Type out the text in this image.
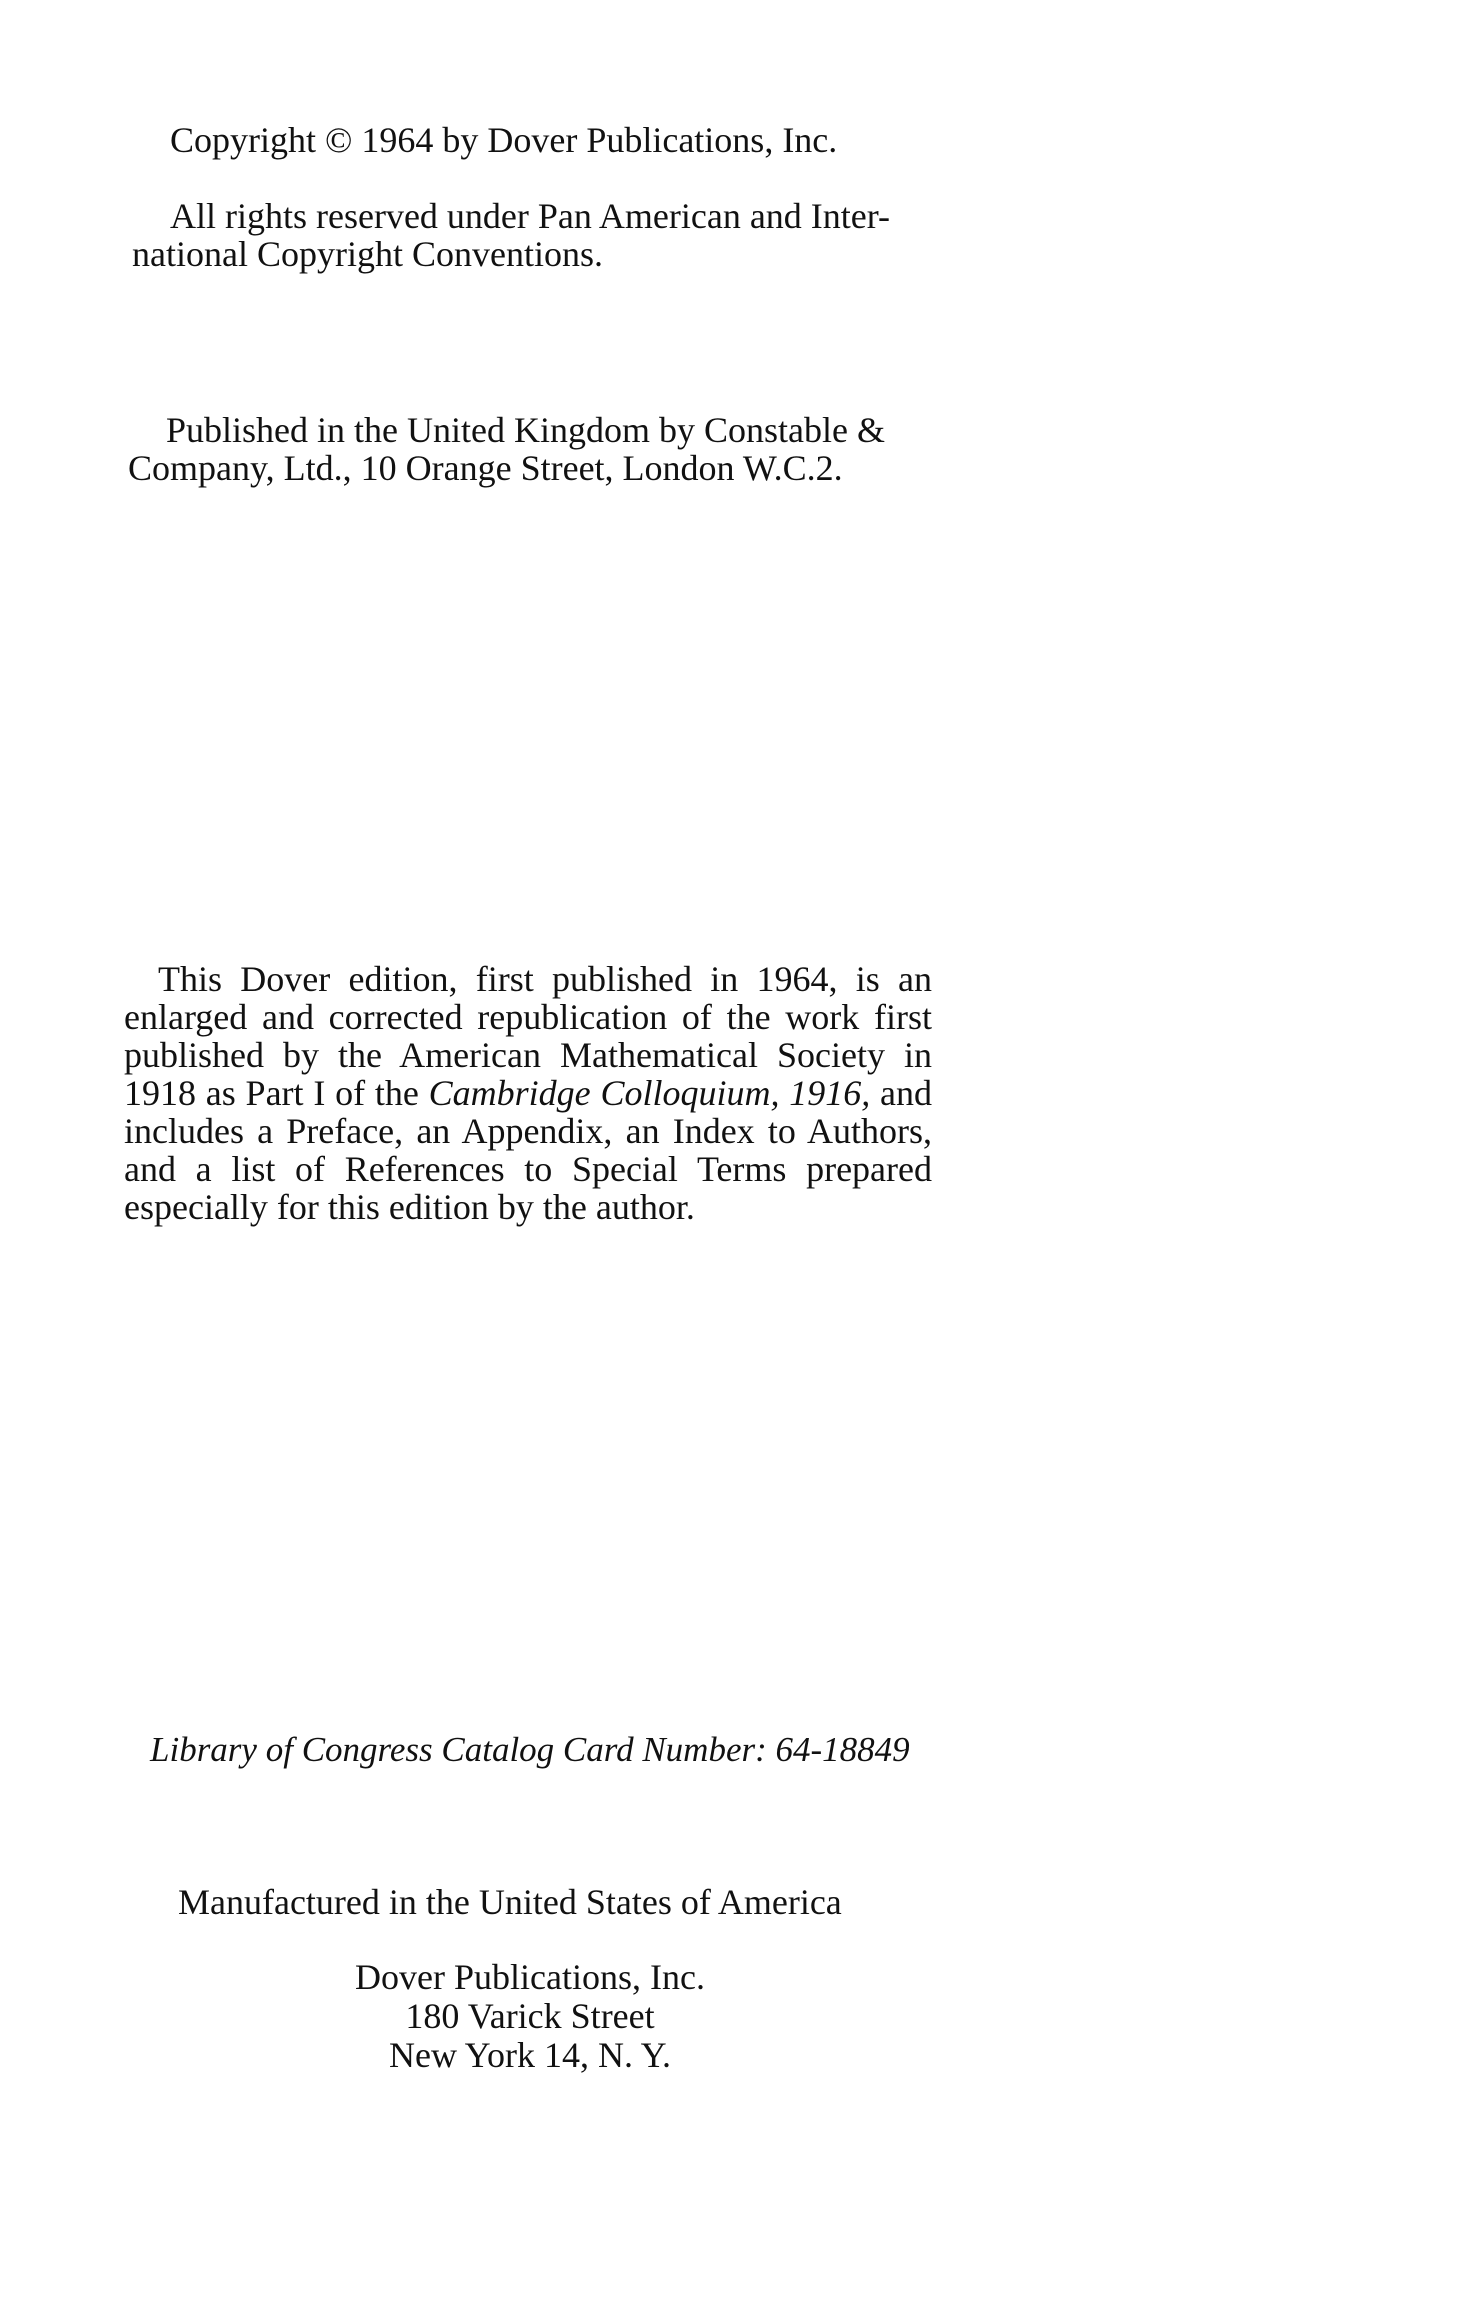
Copyright © 1964 by Dover Publications, Inc.
All rights reserved under Pan American and Inter-
national Copyright Conventions.
Published in the United Kingdom by Constable &
Company, Ltd., 10 Orange Street, London W.C.2.
This Dover edition, first published in 1964, is an
enlarged and corrected republication of the work first
published by the American Mathematical Society in
1918 as Part I of the Cambridge Colloquium, 1916, and
includes a Preface, an Appendix, an Index to Authors,
and a list of References to Special Terms prepared
especially for this edition by the author.
Library of Congress Catalog Card Number: 64-18849
Manufactured in the United States of America
Dover Publications, Inc.
180 Varick Street
New York 14, N. Y.
